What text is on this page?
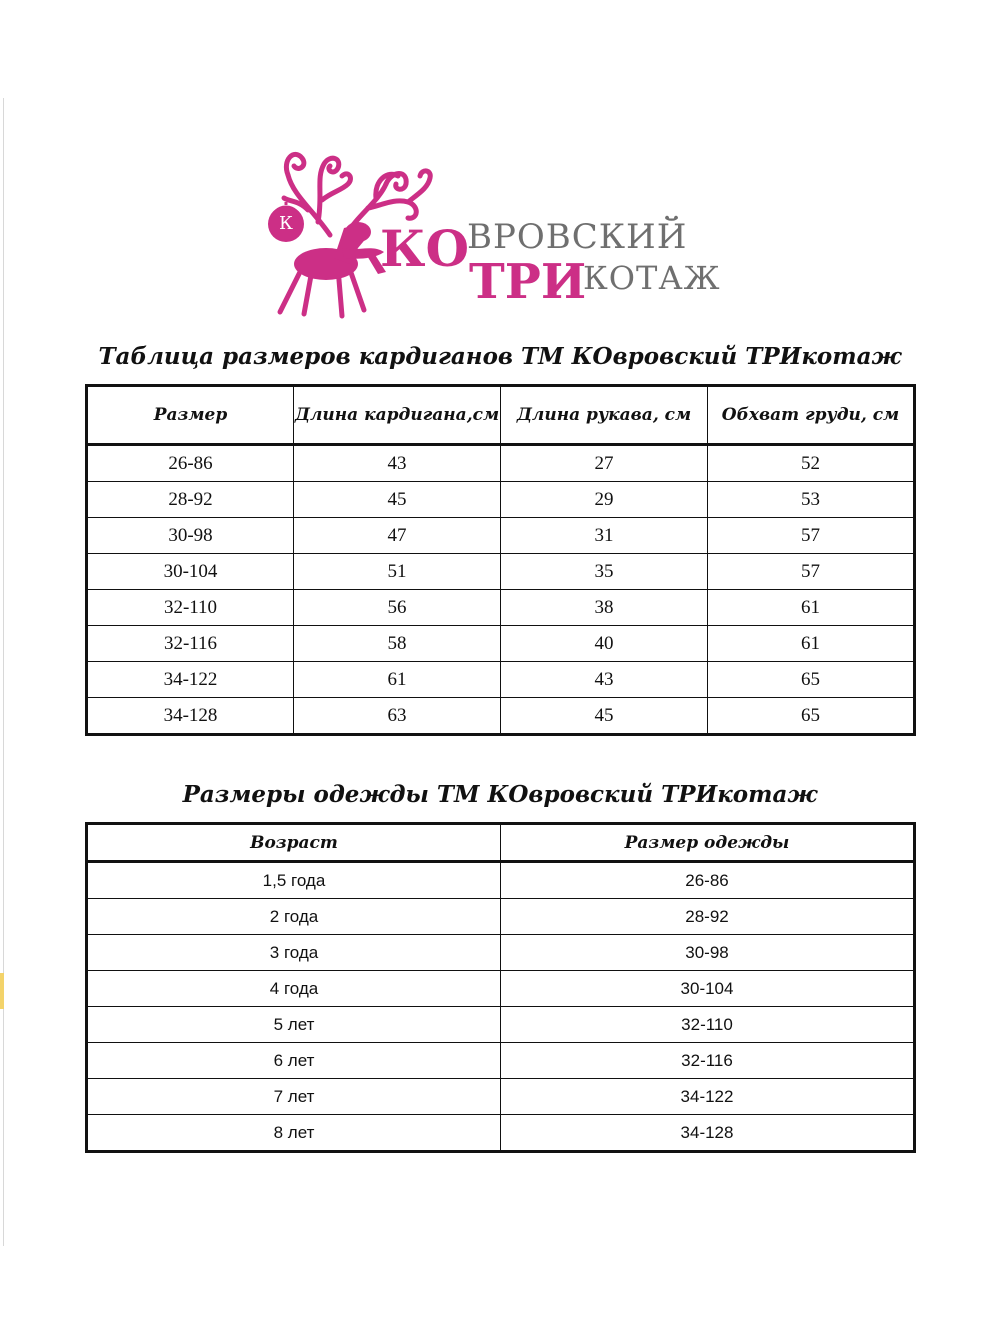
К КО
ВРОВСКИЙ
ТРИ
КОТАЖ
Таблица размеров кардиганов ТМ КОвровский ТРИкотаж
Размер	Длина кардигана,см	Длина рукава, см	Обхват груди, см
26-86	43	27	52
28-92	45	29	53
30-98	47	31	57
30-104	51	35	57
32-110	56	38	61
32-116	58	40	61
34-122	61	43	65
34-128	63	45	65
Размеры одежды ТМ КОвровский ТРИкотаж
Возраст	Размер одежды
1,5 года	26-86
2 года	28-92
3 года	30-98
4 года	30-104
5 лет	32-110
6 лет	32-116
7 лет	34-122
8 лет	34-128
